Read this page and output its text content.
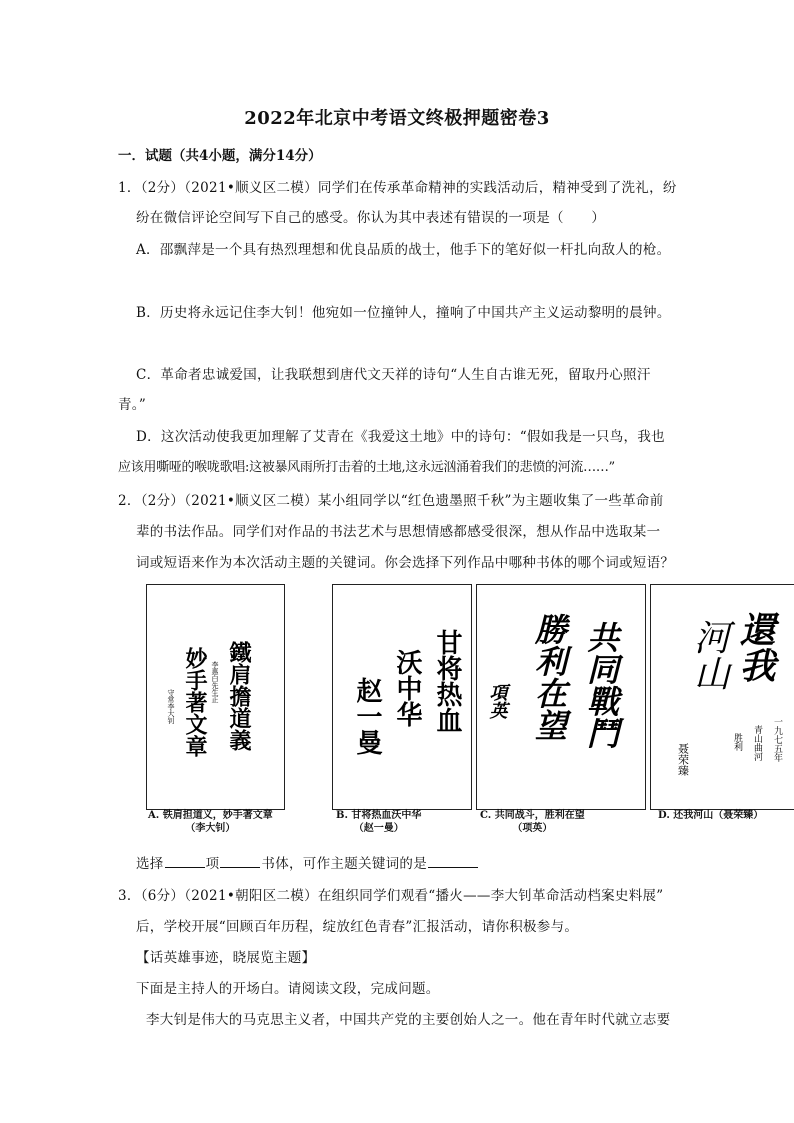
2022年北京中考语文终极押题密卷3
一．试题（共4小题，满分14分）
1．（2分）（2021•顺义区二模）同学们在传承革命精神的实践活动后，精神受到了洗礼，纷
纷在微信评论空间写下自己的感受。你认为其中表述有错误的一项是（　　）
A．邵飘萍是一个具有热烈理想和优良品质的战士，他手下的笔好似一杆扎向敌人的枪。
B．历史将永远记住李大钊！他宛如一位撞钟人，撞响了中国共产主义运动黎明的晨钟。
C．革命者忠诚爱国，让我联想到唐代文天祥的诗句“人生自古谁无死，留取丹心照汗
青。”
D．这次活动使我更加理解了艾青在《我爱这土地》中的诗句：“假如我是一只鸟，我也
应该用嘶哑的喉咙歌唱:这被暴风雨所打击着的土地,这永远汹涌着我们的悲愤的河流……”
2．（2分）（2021•顺义区二模）某小组同学以“红色遗墨照千秋”为主题收集了一些革命前
辈的书法作品。同学们对作品的书法艺术与思想情感都感受很深，想从作品中选取某一
词或短语来作为本次活动主题的关键词。你会选择下列作品中哪种书体的哪个词或短语？
鐵肩擔道義
妙手著文章 李惠白先生正
守常李大钊
A. 铁肩担道义，妙手著文章
（李大钊）
甘将热血
沃中华
赵一曼
B. 甘将热血沃中华
（赵一曼）
共同戰鬥
勝利在望
項英
C. 共同战斗，胜利在望
（项英）
還我
河山
一九七五年
青山曲河
胜利
聂荣臻
D. 还我河山（聂荣臻）
选择	项	书体，可作主题关键词的是
3．（6分）（2021•朝阳区二模）在组织同学们观看“播火——李大钊革命活动档案史料展”
后，学校开展“回顾百年历程，绽放红色青春”汇报活动，请你积极参与。
【话英雄事迹，晓展览主题】
下面是主持人的开场白。请阅读文段，完成问题。
李大钊是伟大的马克思主义者，中国共产党的主要创始人之一。他在青年时代就立志要
